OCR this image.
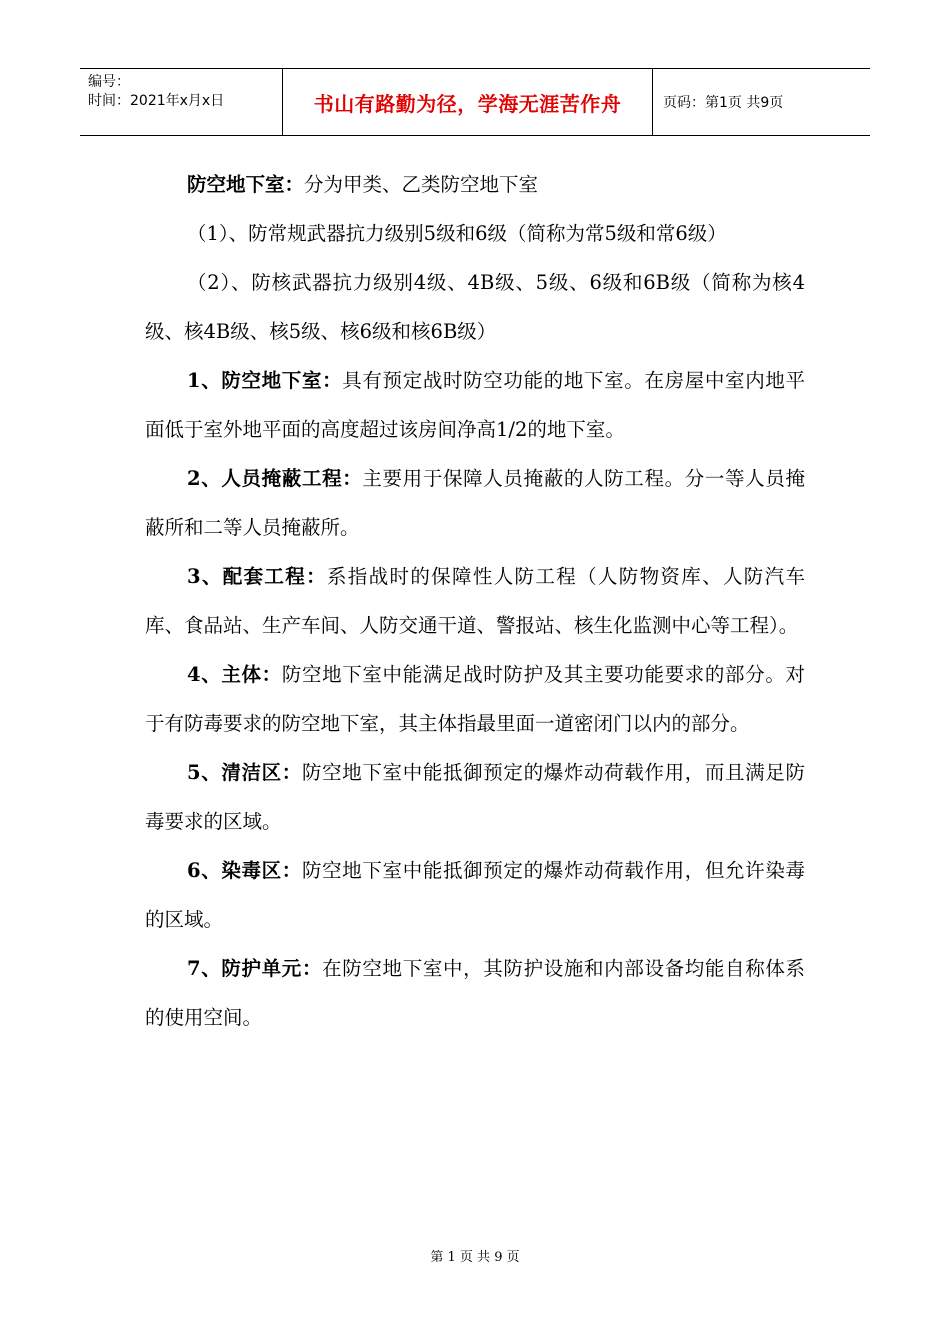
编号：
时间：2021年x月x日	书山有路勤为径，学海无涯苦作舟	页码：第1页 共9页

防空地下室：分为甲类、乙类防空地下室

（1）、防常规武器抗力级别5级和6级（简称为常5级和常6级）

（2）、防核武器抗力级别4级、4B级、5级、6级和6B级（简称为核4级、核4B级、核5级、核6级和核6B级）

1、防空地下室：具有预定战时防空功能的地下室。在房屋中室内地平面低于室外地平面的高度超过该房间净高1/2的地下室。

2、人员掩蔽工程：主要用于保障人员掩蔽的人防工程。分一等人员掩蔽所和二等人员掩蔽所。

3、配套工程：系指战时的保障性人防工程（人防物资库、人防汽车库、食品站、生产车间、人防交通干道、警报站、核生化监测中心等工程）。

4、主体：防空地下室中能满足战时防护及其主要功能要求的部分。对于有防毒要求的防空地下室，其主体指最里面一道密闭门以内的部分。

5、清洁区：防空地下室中能抵御预定的爆炸动荷载作用，而且满足防毒要求的区域。

6、染毒区：防空地下室中能抵御预定的爆炸动荷载作用，但允许染毒的区域。

7、防护单元：在防空地下室中，其防护设施和内部设备均能自称体系的使用空间。

第 1 页 共 9 页
